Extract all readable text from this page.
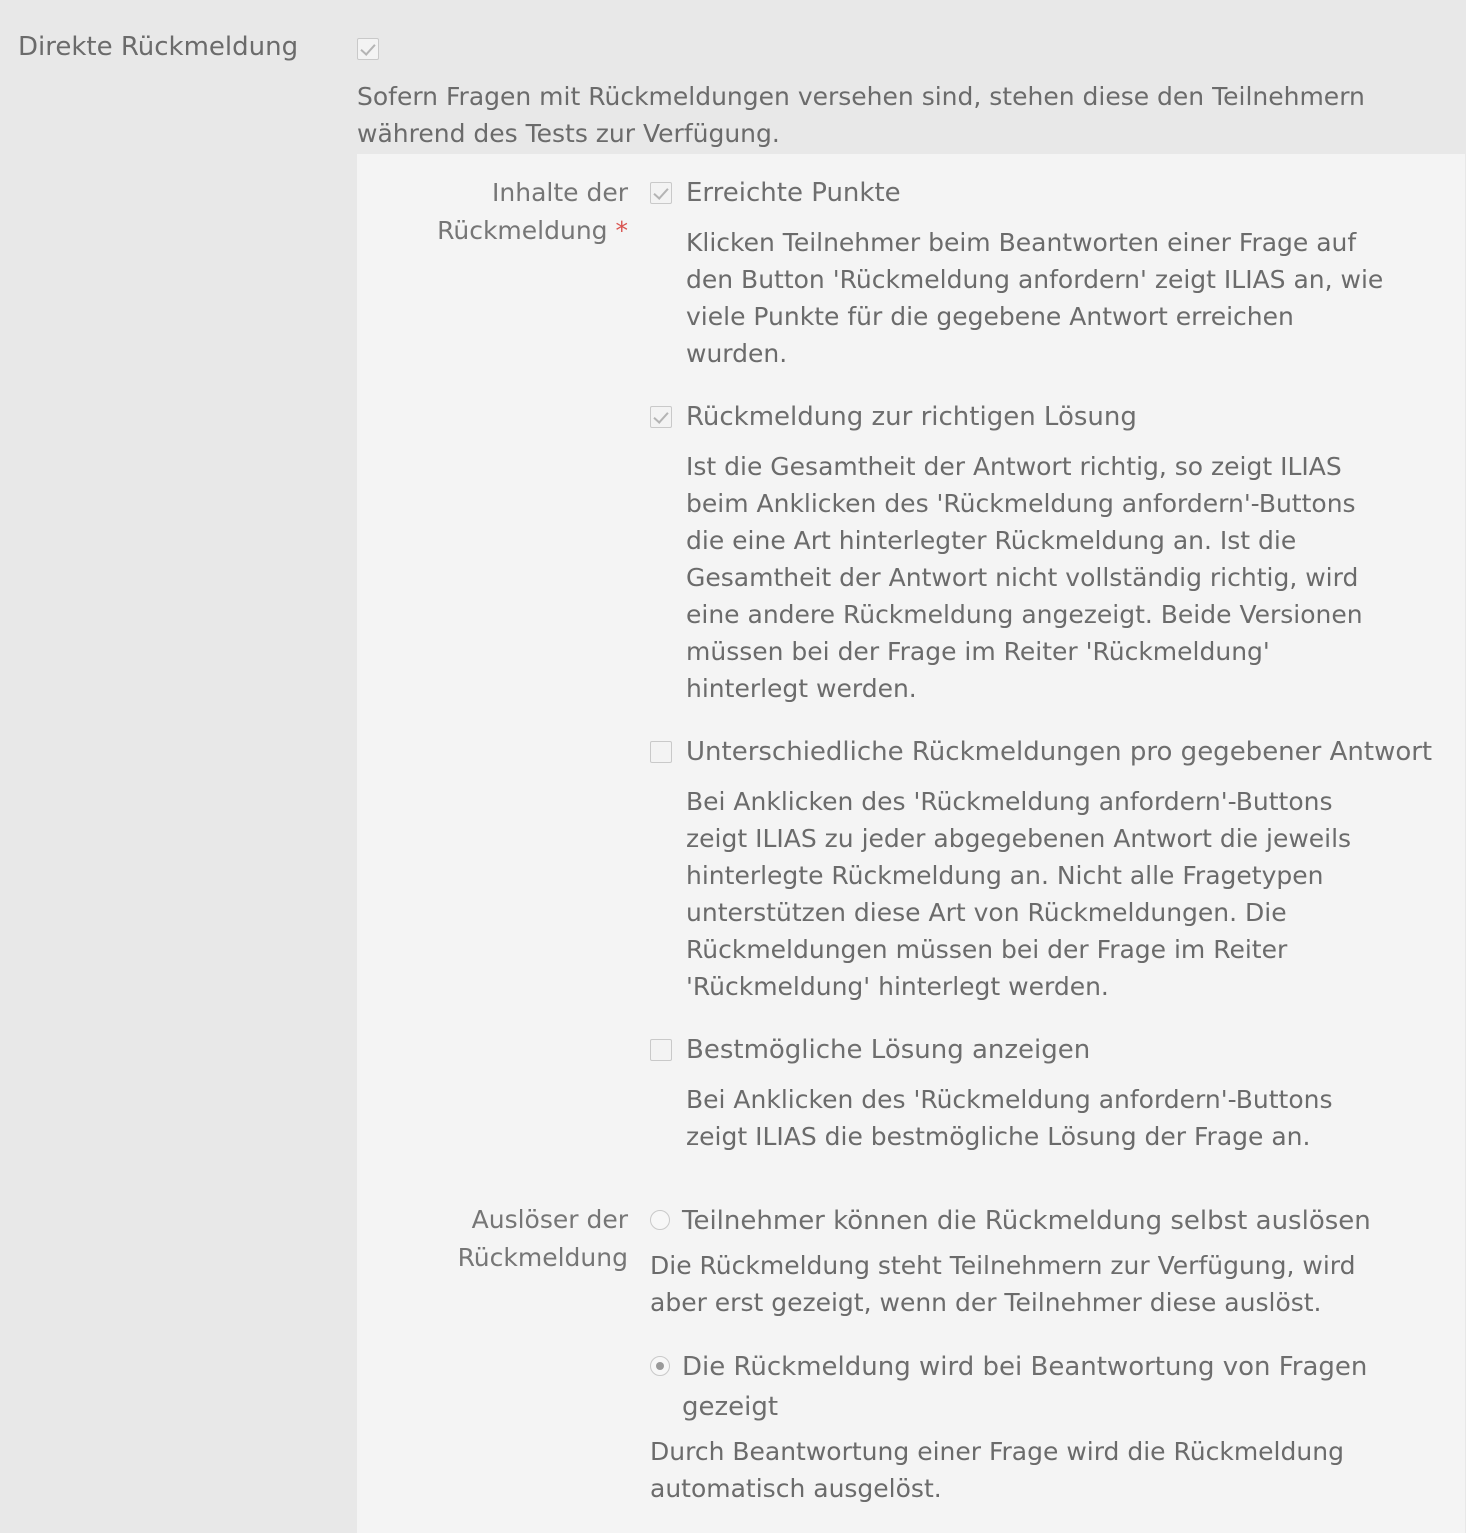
Direkte Rückmeldung
Sofern Fragen mit Rückmeldungen versehen sind, stehen diese den Teilnehmern während des Tests zur Verfügung.
Inhalte der Rückmeldung *
Erreichte Punkte
Klicken Teilnehmer beim Beantworten einer Frage auf den Button 'Rückmeldung anfordern' zeigt ILIAS an, wie viele Punkte für die gegebene Antwort erreichen wurden.
Rückmeldung zur richtigen Lösung
Ist die Gesamtheit der Antwort richtig, so zeigt ILIAS beim Anklicken des 'Rückmeldung anfordern'-Buttons die eine Art hinterlegter Rückmeldung an. Ist die Gesamtheit der Antwort nicht vollständig richtig, wird eine andere Rückmeldung angezeigt. Beide Versionen müssen bei der Frage im Reiter 'Rückmeldung' hinterlegt werden.
Unterschiedliche Rückmeldungen pro gegebener Antwort
Bei Anklicken des 'Rückmeldung anfordern'-Buttons zeigt ILIAS zu jeder abgegebenen Antwort die jeweils hinterlegte Rückmeldung an. Nicht alle Fragetypen unterstützen diese Art von Rückmeldungen. Die Rückmeldungen müssen bei der Frage im Reiter 'Rückmeldung' hinterlegt werden.
Bestmögliche Lösung anzeigen
Bei Anklicken des 'Rückmeldung anfordern'-Buttons zeigt ILIAS die bestmögliche Lösung der Frage an.
Auslöser der Rückmeldung
Teilnehmer können die Rückmeldung selbst auslösen
Die Rückmeldung steht Teilnehmern zur Verfügung, wird aber erst gezeigt, wenn der Teilnehmer diese auslöst.
Die Rückmeldung wird bei Beantwortung von Fragen gezeigt
Durch Beantwortung einer Frage wird die Rückmeldung automatisch ausgelöst.
